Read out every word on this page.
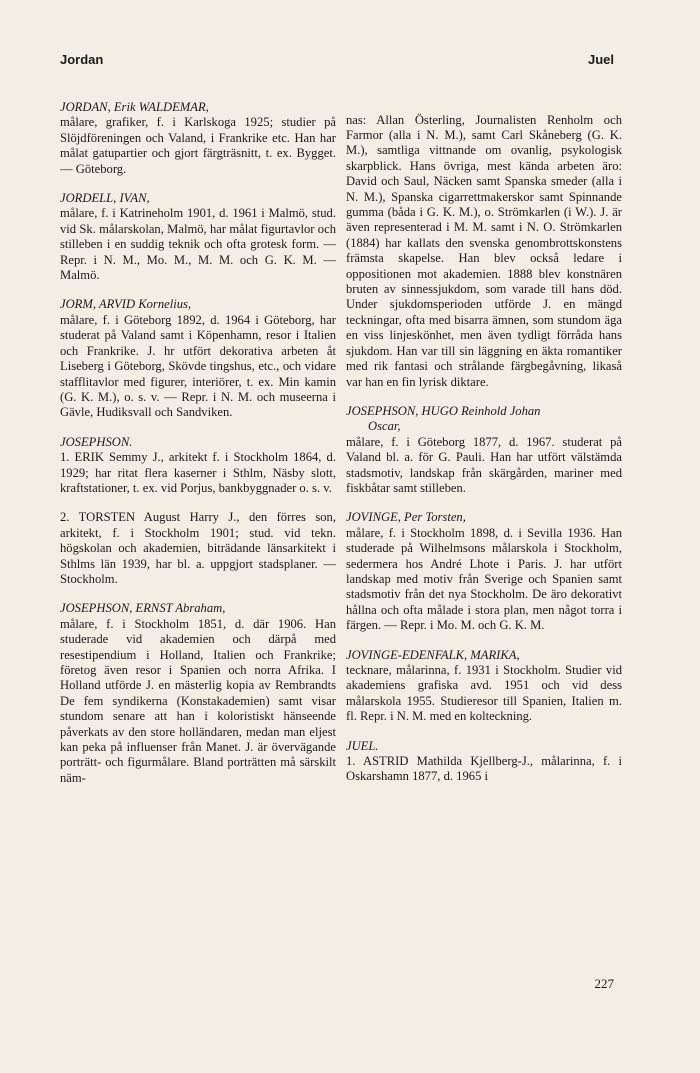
Jordan	Juel

JORDAN, Erik WALDEMAR,

målare, grafiker, f. i Karlskoga 1925; studier på Slöjdföreningen och Valand, i Frankrike etc. Han har målat gatupartier och gjort färgträsnitt, t. ex. Bygget. — Göteborg.

JORDELL, IVAN,

målare, f. i Katrineholm 1901, d. 1961 i Malmö, stud. vid Sk. målarskolan, Malmö, har målat figurtavlor och stilleben i en suddig teknik och ofta grotesk form. — Repr. i N. M., Mo. M., M. M. och G. K. M. — Malmö.

JORM, ARVID Kornelius,

målare, f. i Göteborg 1892, d. 1964 i Göteborg, har studerat på Valand samt i Köpenhamn, resor i Italien och Frankrike. J. hr utfört dekorativa arbeten åt Liseberg i Göteborg, Skövde tingshus, etc., och vidare stafflitavlor med figurer, interiörer, t. ex. Min kamin (G. K. M.), o. s. v. — Repr. i N. M. och museerna i Gävle, Hudiksvall och Sandviken.

JOSEPHSON.

1. ERIK Semmy J., arkitekt f. i Stockholm 1864, d. 1929; har ritat flera kaserner i Sthlm, Näsby slott, kraftstationer, t. ex. vid Porjus, bankbyggnader o. s. v.

2. TORSTEN August Harry J., den förres son, arkitekt, f. i Stockholm 1901; stud. vid tekn. högskolan och akademien, biträdande länsarkitekt i Sthlms län 1939, har bl. a. uppgjort stadsplaner. — Stockholm.

JOSEPHSON, ERNST Abraham,

målare, f. i Stockholm 1851, d. där 1906. Han studerade vid akademien och därpå med resestipendium i Holland, Italien och Frankrike; företog även resor i Spanien och norra Afrika. I Holland utförde J. en mästerlig kopia av Rembrandts De fem syndikerna (Konstakademien) samt visar stundom senare att han i koloristiskt hänseende påverkats av den store holländaren, medan man eljest kan peka på influenser från Manet. J. är övervägande porträtt- och figurmålare. Bland porträtten må särskilt näm-

nas: Allan Österling, Journalisten Renholm och Farmor (alla i N. M.), samt Carl Skåneberg (G. K. M.), samtliga vittnande om ovanlig, psykologisk skarpblick. Hans övriga, mest kända arbeten äro: David och Saul, Näcken samt Spanska smeder (alla i N. M.), Spanska cigarrettmakerskor samt Spinnande gumma (båda i G. K. M.), o. Strömkarlen (i W.). J. är även representerad i M. M. samt i N. O. Strömkarlen (1884) har kallats den svenska genombrottskonstens främsta skapelse. Han blev också ledare i oppositionen mot akademien. 1888 blev konstnären bruten av sinnessjukdom, som varade till hans död. Under sjukdomsperioden utförde J. en mängd teckningar, ofta med bisarra ämnen, som stundom äga en viss linjeskönhet, men även tydligt förråda hans sjukdom. Han var till sin läggning en äkta romantiker med rik fantasi och strålande färgbegåvning, likaså var han en fin lyrisk diktare.

JOSEPHSON, HUGO Reinhold Johan

Oscar,

målare, f. i Göteborg 1877, d. 1967. studerat på Valand bl. a. för G. Pauli. Han har utfört välstämda stadsmotiv, landskap från skärgården, mariner med fiskbåtar samt stilleben.

JOVINGE, Per Torsten,

målare, f. i Stockholm 1898, d. i Sevilla 1936. Han studerade på Wilhelmsons målarskola i Stockholm, sedermera hos André Lhote i Paris. J. har utfört landskap med motiv från Sverige och Spanien samt stadsmotiv från det nya Stockholm. De äro dekorativt hållna och ofta målade i stora plan, men något torra i färgen. — Repr. i Mo. M. och G. K. M.

JOVINGE-EDENFALK, MARIKA,

tecknare, målarinna, f. 1931 i Stockholm. Studier vid akademiens grafiska avd. 1951 och vid dess målarskola 1955. Studieresor till Spanien, Italien m. fl. Repr. i N. M. med en kolteckning.

JUEL.

1. ASTRID Mathilda Kjellberg-J., målarinna, f. i Oskarshamn 1877, d. 1965 i

227
